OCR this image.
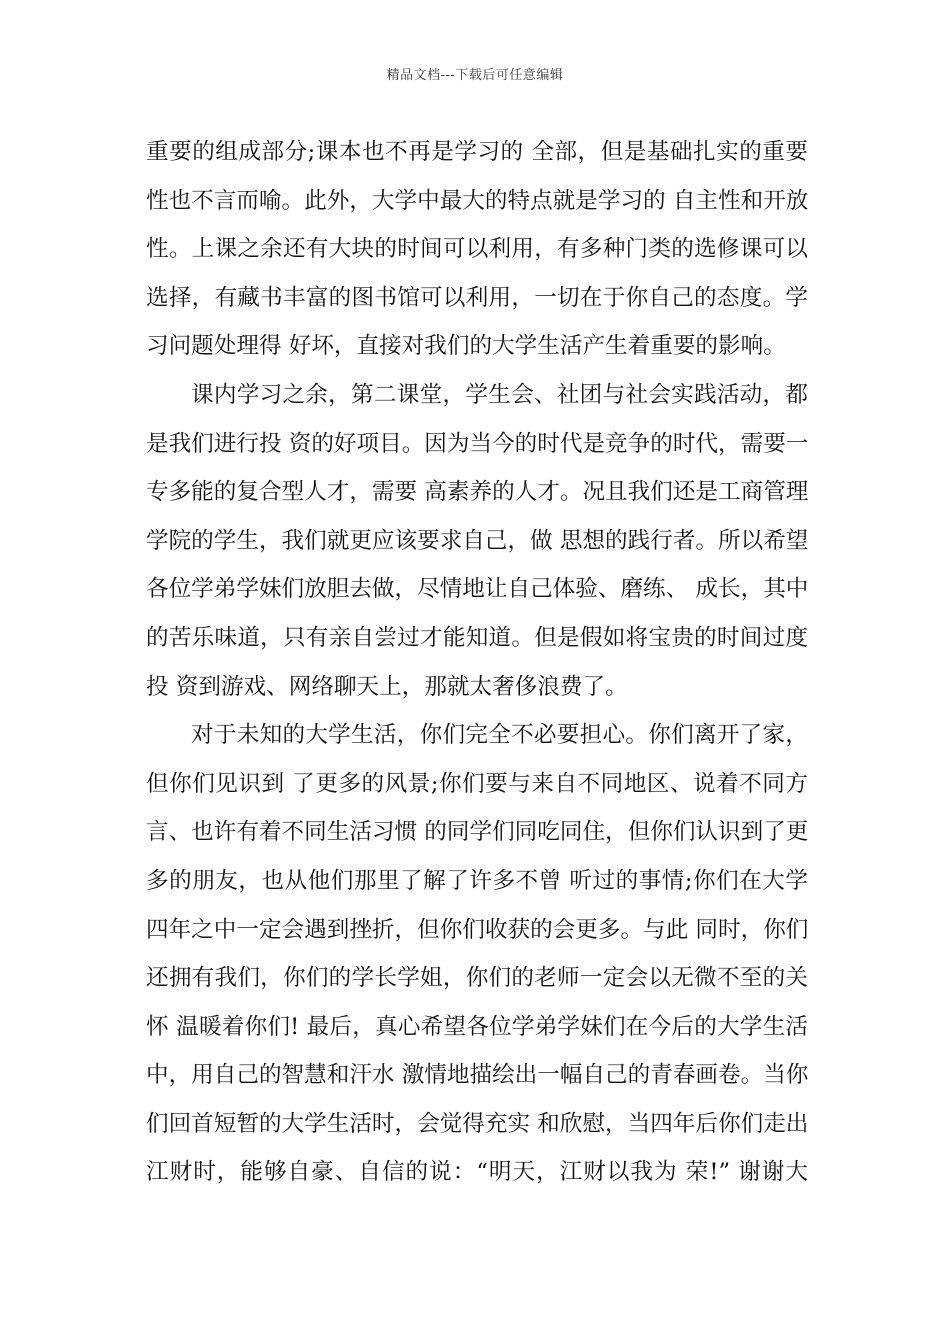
精品文档---下载后可任意编辑
重要的组成部分;课本也不再是学习的 全部，但是基础扎实的重要
性也不言而喻。此外，大学中最大的特点就是学习的 自主性和开放
性。上课之余还有大块的时间可以利用，有多种门类的选修课可以
选择，有藏书丰富的图书馆可以利用，一切在于你自己的态度。学
习问题处理得 好坏，直接对我们的大学生活产生着重要的影响。
课内学习之余，第二课堂，学生会、社团与社会实践活动，都
是我们进行投 资的好项目。因为当今的时代是竞争的时代，需要一
专多能的复合型人才，需要 高素养的人才。况且我们还是工商管理
学院的学生，我们就更应该要求自己，做 思想的践行者。所以希望
各位学弟学妹们放胆去做，尽情地让自己体验、磨练、 成长，其中
的苦乐味道，只有亲自尝过才能知道。但是假如将宝贵的时间过度
投 资到游戏、网络聊天上，那就太奢侈浪费了。
对于未知的大学生活，你们完全不必要担心。你们离开了家，
但你们见识到 了更多的风景;你们要与来自不同地区、说着不同方
言、也许有着不同生活习惯 的同学们同吃同住，但你们认识到了更
多的朋友，也从他们那里了解了许多不曾 听过的事情;你们在大学
四年之中一定会遇到挫折，但你们收获的会更多。与此 同时，你们
还拥有我们，你们的学长学姐，你们的老师一定会以无微不至的关
怀 温暖着你们! 最后，真心希望各位学弟学妹们在今后的大学生活
中，用自己的智慧和汗水 激情地描绘出一幅自己的青春画卷。当你
们回首短暂的大学生活时，会觉得充实 和欣慰，当四年后你们走出
江财时，能够自豪、自信的说：“明天，江财以我为 荣!” 谢谢大
